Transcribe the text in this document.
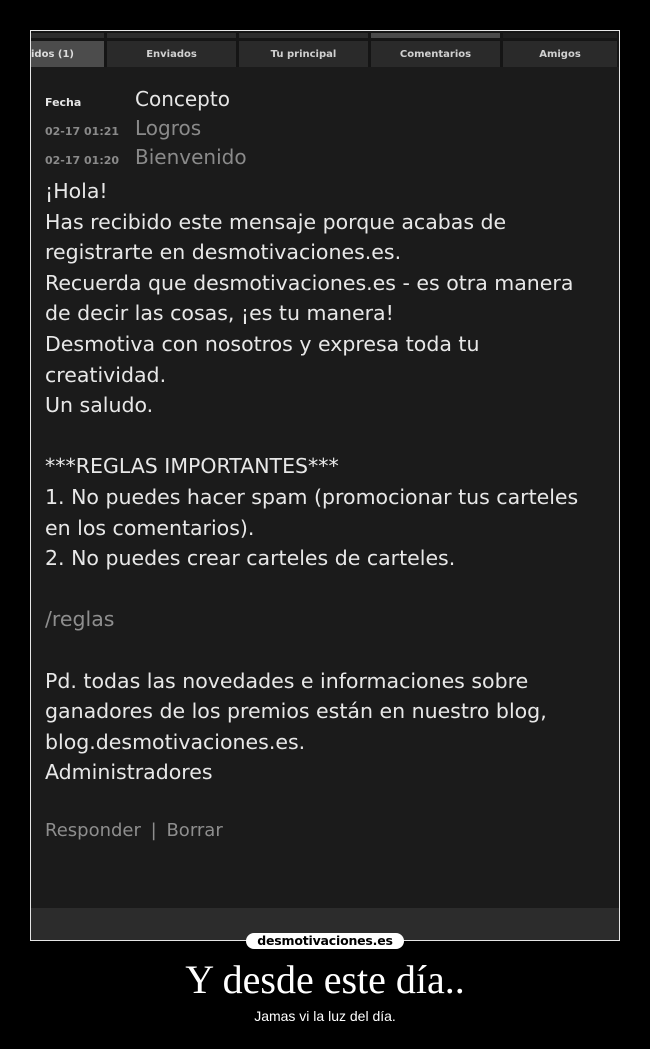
idos (1)	Enviados	Tu principal	Comentarios	Amigos
Fecha	Concepto
02-17 01:21 Logros
02-17 01:20 Bienvenido
¡Hola!
Has recibido este mensaje porque acabas de
registrarte en desmotivaciones.es.
Recuerda que desmotivaciones.es - es otra manera
de decir las cosas, ¡es tu manera!
Desmotiva con nosotros y expresa toda tu
creatividad.
Un saludo.
***REGLAS IMPORTANTES***
1. No puedes hacer spam (promocionar tus carteles
en los comentarios).
2. No puedes crear carteles de carteles.
/reglas
Pd. todas las novedades e informaciones sobre
ganadores de los premios están en nuestro blog,
blog.desmotivaciones.es.
Administradores
Responder | Borrar
desmotivaciones.es
Y desde este día..
Jamas vi la luz del día.
